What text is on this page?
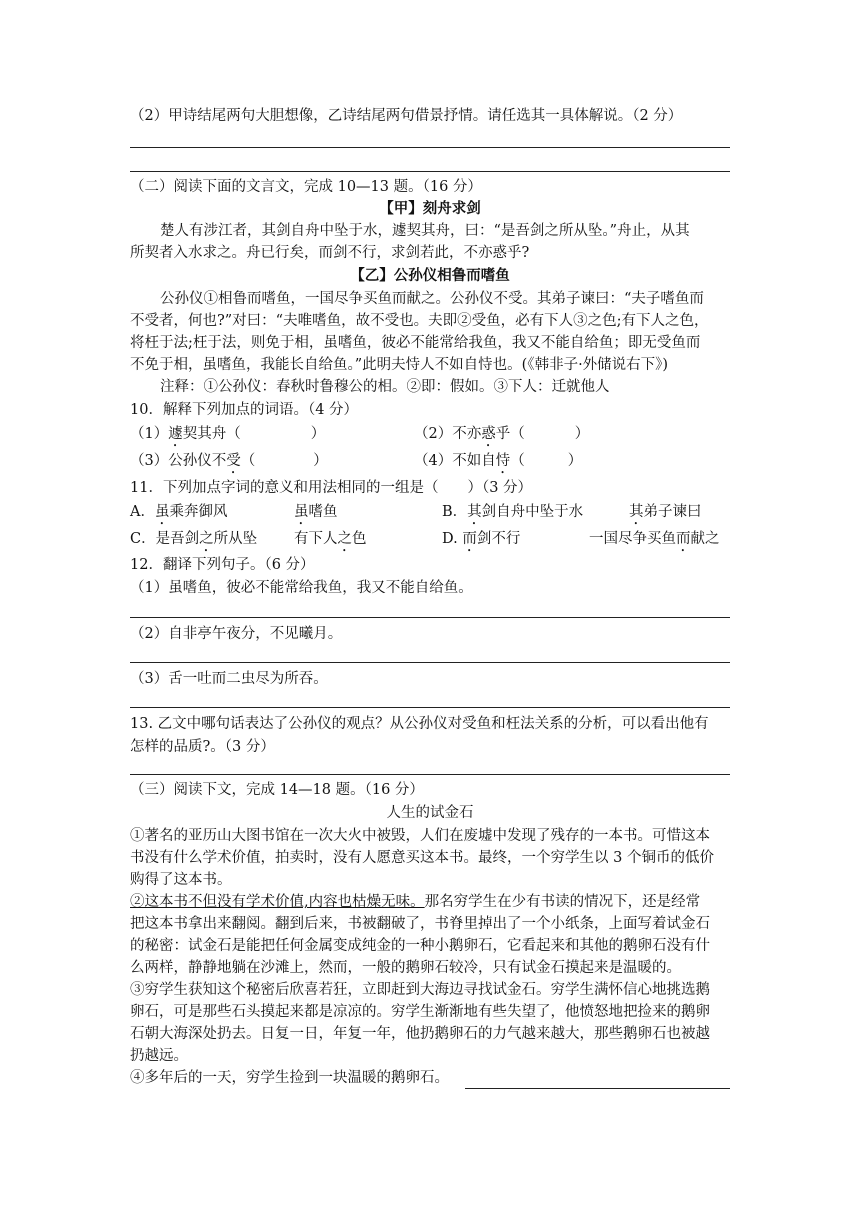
（2）甲诗结尾两句大胆想像，乙诗结尾两句借景抒情。请任选其一具体解说。（2 分）
（二）阅读下面的文言文，完成 10—13 题。（16 分）
【甲】刻舟求剑
楚人有涉江者，其剑自舟中坠于水，遽契其舟，曰：“是吾剑之所从坠。”舟止，从其
所契者入水求之。舟已行矣，而剑不行，求剑若此，不亦惑乎?
【乙】公孙仪相鲁而嗜鱼
公孙仪①相鲁而嗜鱼，一国尽争买鱼而献之。公孙仪不受。其弟子谏曰：“夫子嗜鱼而
不受者，何也?”对曰：“夫唯嗜鱼，故不受也。夫即②受鱼，必有下人③之色;有下人之色，
将枉于法;枉于法，则免于相，虽嗜鱼，彼必不能常给我鱼，我又不能自给鱼；即无受鱼而
不免于相，虽嗜鱼，我能长自给鱼。”此明夫恃人不如自恃也。(《韩非子·外储说右下》)
注释：①公孙仪：春秋时鲁穆公的相。②即：假如。③下人：迁就他人
10．解释下列加点的词语。（4 分）
（1）遽契其舟（	）	（2）不亦惑乎（	）
（3）公孙仪不受（	）	（4）不如自恃（	）
11．下列加点字词的意义和用法相同的一组是（　　）（3 分）
A．虽乘奔御风	虽嗜鱼	B．其剑自舟中坠于水	其弟子谏曰
C．是吾剑之所从坠	有下人之色	D. 而剑不行	一国尽争买鱼而献之
12．翻译下列句子。（6 分）
（1）虽嗜鱼，彼必不能常给我鱼，我又不能自给鱼。
（2）自非亭午夜分，不见曦月。
（3）舌一吐而二虫尽为所吞。
13. 乙文中哪句话表达了公孙仪的观点？从公孙仪对受鱼和枉法关系的分析，可以看出他有
怎样的品质?。（3 分）
（三）阅读下文，完成 14—18 题。（16 分）
人生的试金石
①著名的亚历山大图书馆在一次大火中被毁，人们在废墟中发现了残存的一本书。可惜这本
书没有什么学术价值，拍卖时，没有人愿意买这本书。最终，一个穷学生以 3 个铜币的低价
购得了这本书。
②这本书不但没有学术价值,内容也枯燥无味。那名穷学生在少有书读的情况下，还是经常
把这本书拿出来翻阅。翻到后来，书被翻破了，书脊里掉出了一个小纸条，上面写着试金石
的秘密：试金石是能把任何金属变成纯金的一种小鹅卵石，它看起来和其他的鹅卵石没有什
么两样，静静地躺在沙滩上，然而，一般的鹅卵石较冷，只有试金石摸起来是温暖的。
③穷学生获知这个秘密后欣喜若狂，立即赶到大海边寻找试金石。穷学生满怀信心地挑选鹅
卵石，可是那些石头摸起来都是凉凉的。穷学生渐渐地有些失望了，他愤怒地把捡来的鹅卵
石朝大海深处扔去。日复一日，年复一年，他扔鹅卵石的力气越来越大，那些鹅卵石也被越
扔越远。
④多年后的一天，穷学生捡到一块温暖的鹅卵石。
